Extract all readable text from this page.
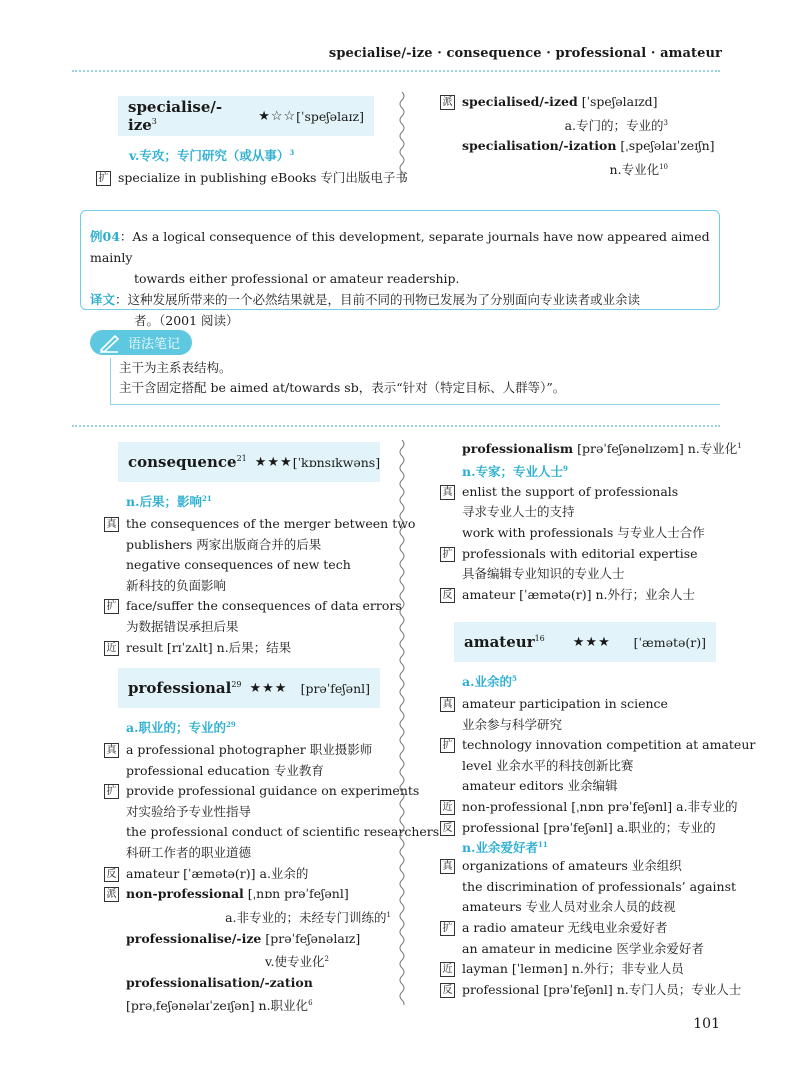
specialise/-ize · consequence · professional · amateur
specialise/-ize$^3$	★☆☆ [ˈspeʃəlaɪz]
v.专攻；专门研究（或从事）$^3$
扩 specialize in publishing eBooks 专门出版电子书
派 specialised/-ized [ˈspeʃəlaɪzd]
a.专门的；专业的$^3$
specialisation/-ization [ˌspeʃəlaɪˈzeɪʃn]
n.专业化$^{10}$
例04：As a logical consequence of this development, separate journals have now appeared aimed mainly
towards either professional or amateur readership.
译文：这种发展所带来的一个必然结果就是，目前不同的刊物已发展为了分别面向专业读者或业余读
者。（2001 阅读）
语法笔记
主干为主系表结构。
主干含固定搭配 be aimed at/towards sb，表示“针对（特定目标、人群等）”。
consequence$^{21}$ ★★★ [ˈkɒnsɪkwəns]
n.后果；影响$^{21}$
真 the consequences of the merger between two
publishers 两家出版商合并的后果
negative consequences of new tech
新科技的负面影响
扩 face/suffer the consequences of data errors
为数据错误承担后果
近 result [rɪˈzʌlt] n.后果；结果
professional$^{29}$ ★★★ [prəˈfeʃənl]
a.职业的；专业的$^{29}$
真 a professional photographer 职业摄影师
professional education 专业教育
扩 provide professional guidance on experiments
对实验给予专业性指导
the professional conduct of scientific researchers
科研工作者的职业道德
反 amateur [ˈæmətə(r)] a.业余的
派 non-professional [ˌnɒn prəˈfeʃənl]
a.非专业的；未经专门训练的$^1$
professionalise/-ize [prəˈfeʃənəlaɪz]
v.使专业化$^2$
professionalisation/-zation
[prəˌfeʃənəlaɪˈzeɪʃən] n.职业化$^6$
professionalism [prəˈfeʃənəlɪzəm] n.专业化$^1$
n.专家；专业人士$^9$
真 enlist the support of professionals
寻求专业人士的支持
work with professionals 与专业人士合作
扩 professionals with editorial expertise
具备编辑专业知识的专业人士
反 amateur [ˈæmətə(r)] n.外行；业余人士
amateur$^{16}$ ★★★ [ˈæmətə(r)]
a.业余的$^5$
真 amateur participation in science
业余参与科学研究
扩 technology innovation competition at amateur
level 业余水平的科技创新比赛
amateur editors 业余编辑
近 non-professional [ˌnɒn prəˈfeʃənl] a.非专业的
反 professional [prəˈfeʃənl] a.职业的；专业的
n.业余爱好者$^{11}$
真 organizations of amateurs 业余组织
the discrimination of professionals’ against
amateurs 专业人员对业余人员的歧视
扩 a radio amateur 无线电业余爱好者
an amateur in medicine 医学业余爱好者
近 layman [ˈleɪmən] n.外行；非专业人员
反 professional [prəˈfeʃənl] n.专门人员；专业人士
101
